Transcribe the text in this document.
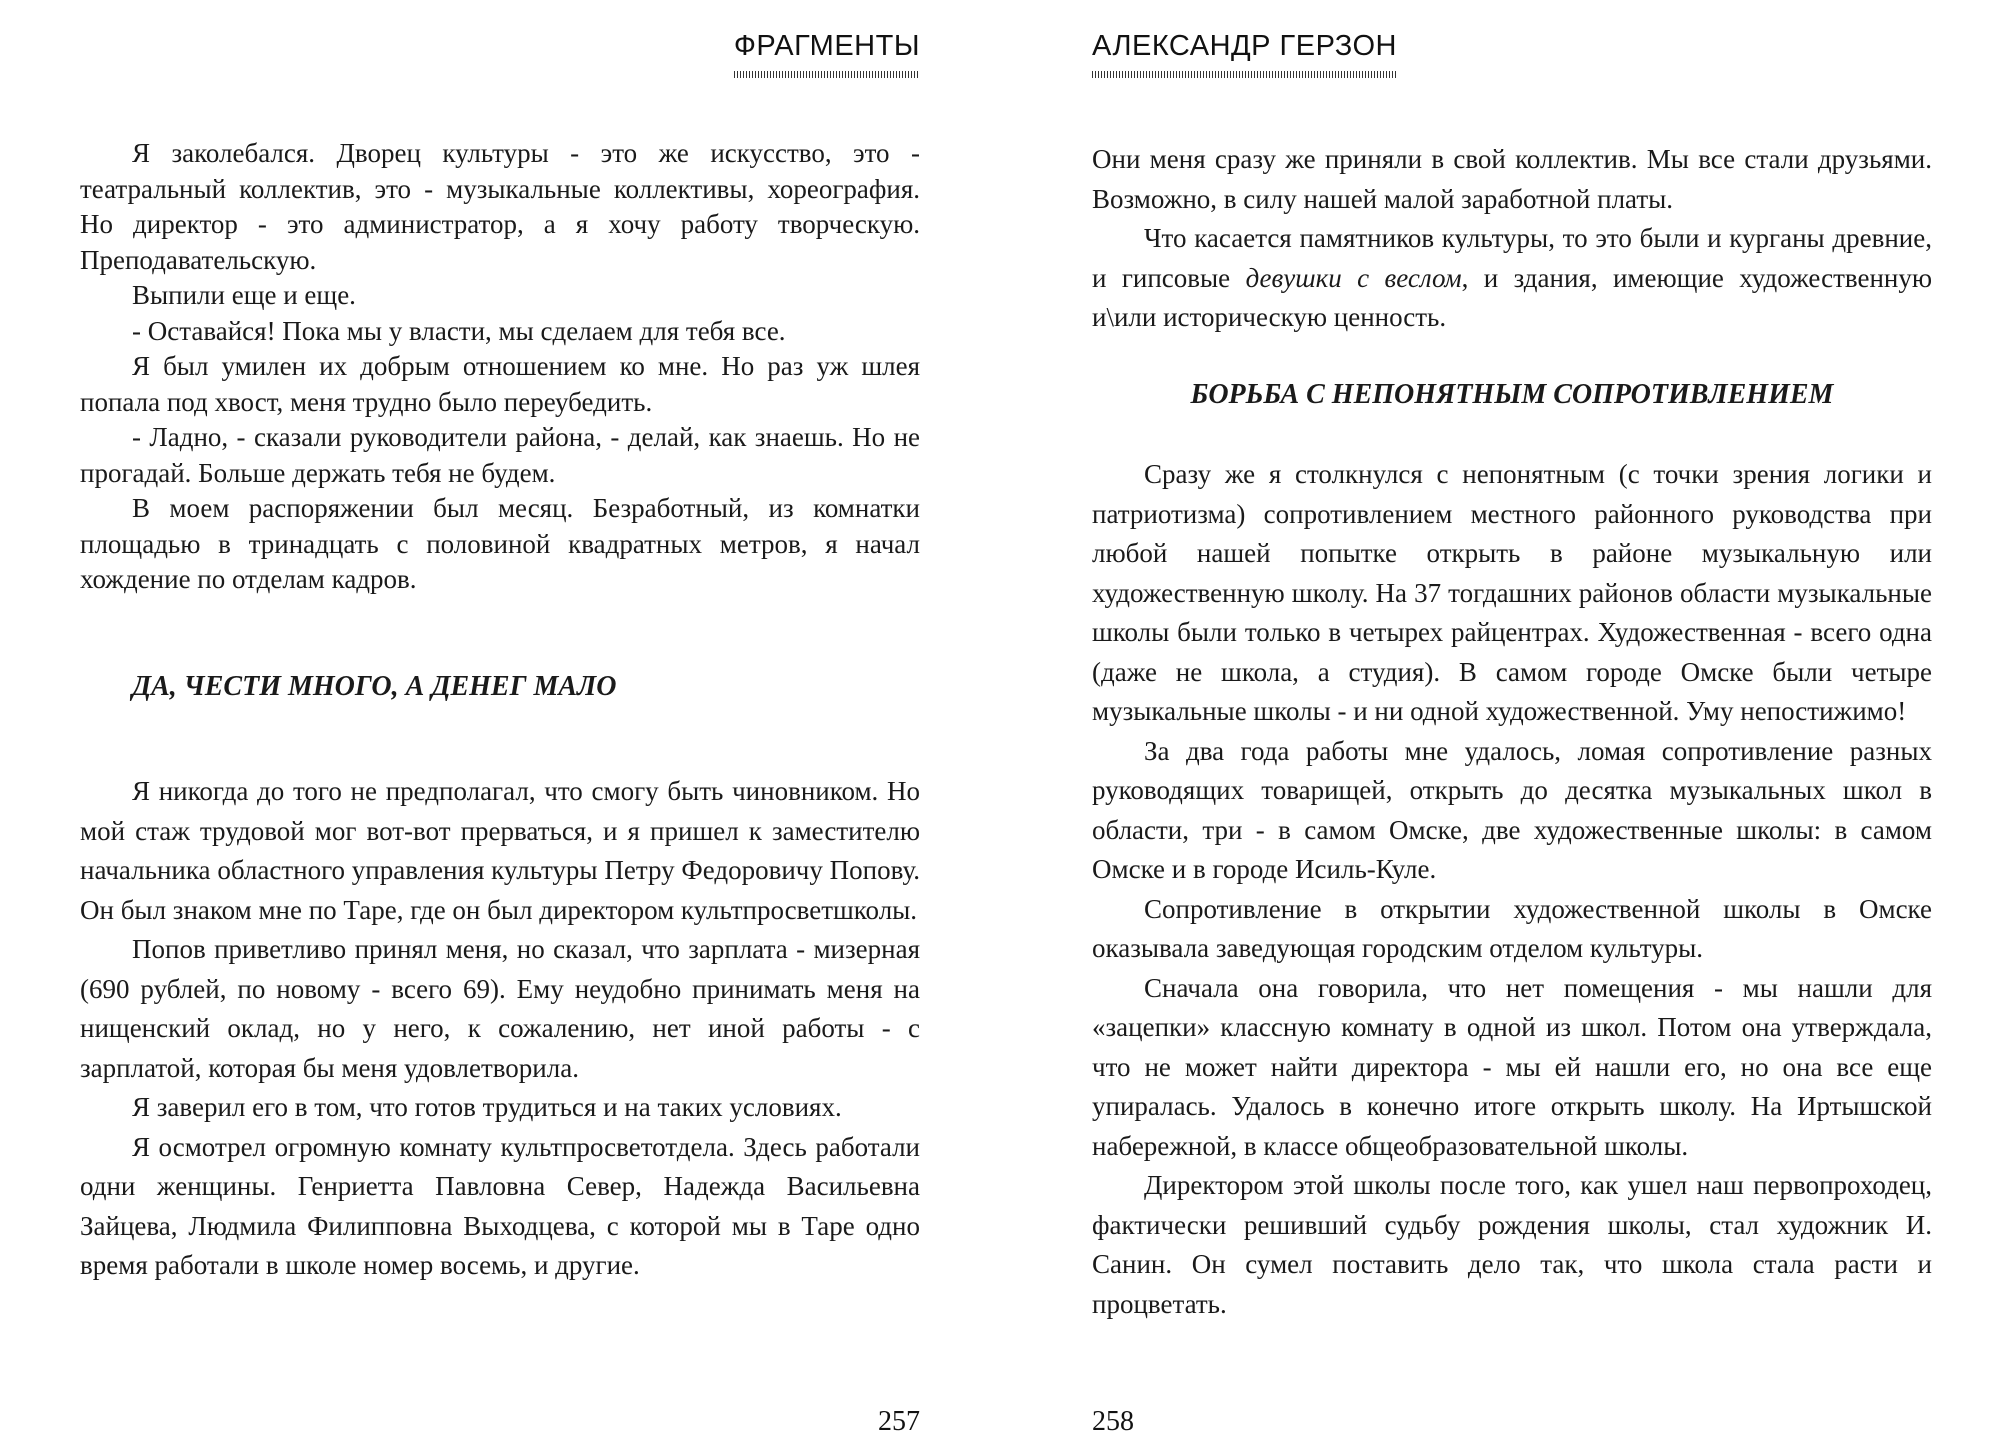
ФРАГМЕНТЫ

Я заколебался. Дворец культуры - это же искусство, это - театральный коллектив, это - музыкальные коллективы, хореография. Но директор - это администратор, а я хочу работу творческую. Преподавательскую.

Выпили еще и еще.

- Оставайся! Пока мы у власти, мы сделаем для тебя все.

Я был умилен их добрым отношением ко мне. Но раз уж шлея попала под хвост, меня трудно было переубедить.

- Ладно, - сказали руководители района, - делай, как знаешь. Но не прогадай. Больше держать тебя не будем.

В моем распоряжении был месяц. Безработный, из комнатки площадью в тринадцать с половиной квадратных метров, я начал хождение по отделам кадров.

ДА, ЧЕСТИ МНОГО, А ДЕНЕГ МАЛО

Я никогда до того не предполагал, что смогу быть чиновником. Но мой стаж трудовой мог вот-вот прерваться, и я пришел к заместителю начальника областного управления культуры Петру Федоровичу Попову. Он был знаком мне по Таре, где он был директором культпросветшколы.

Попов приветливо принял меня, но сказал, что зарплата - мизерная (690 рублей, по новому - всего 69). Ему неудобно принимать меня на нищенский оклад, но у него, к сожалению, нет иной работы - с зарплатой, которая бы меня удовлетворила.

Я заверил его в том, что готов трудиться и на таких условиях.

Я осмотрел огромную комнату культпросветотдела. Здесь работали одни женщины. Генриетта Павловна Север, Надежда Васильевна Зайцева, Людмила Филипповна Выходцева, с которой мы в Таре одно время работали в школе номер восемь, и другие.

257
АЛЕКСАНДР ГЕРЗОН

Они меня сразу же приняли в свой коллектив. Мы все стали друзьями. Возможно, в силу нашей малой заработной платы.

Что касается памятников культуры, то это были и курганы древние, и гипсовые девушки с веслом, и здания, имеющие художественную и\или историческую ценность.

БОРЬБА С НЕПОНЯТНЫМ СОПРОТИВЛЕНИЕМ

Сразу же я столкнулся с непонятным (с точки зрения логики и патриотизма) сопротивлением местного районного руководства при любой нашей попытке открыть в районе музыкальную или художественную школу. На 37 тогдашних районов области музыкальные школы были только в четырех райцентрах. Художественная - всего одна (даже не школа, а студия). В самом городе Омске были четыре музыкальные школы - и ни одной художественной. Уму непостижимо!

За два года работы мне удалось, ломая сопротивление разных руководящих товарищей, открыть до десятка музыкальных школ в области, три - в самом Омске, две художественные школы: в самом Омске и в городе Исиль-Куле.

Сопротивление в открытии художественной школы в Омске оказывала заведующая городским отделом культуры.

Сначала она говорила, что нет помещения - мы нашли для «зацепки» классную комнату в одной из школ. Потом она утверждала, что не может найти директора - мы ей нашли его, но она все еще упиралась. Удалось в конечно итоге открыть школу. На Иртышской набережной, в классе общеобразовательной школы.

Директором этой школы после того, как ушел наш первопроходец, фактически решивший судьбу рождения школы, стал художник И. Санин. Он сумел поставить дело так, что школа стала расти и процветать.

258
